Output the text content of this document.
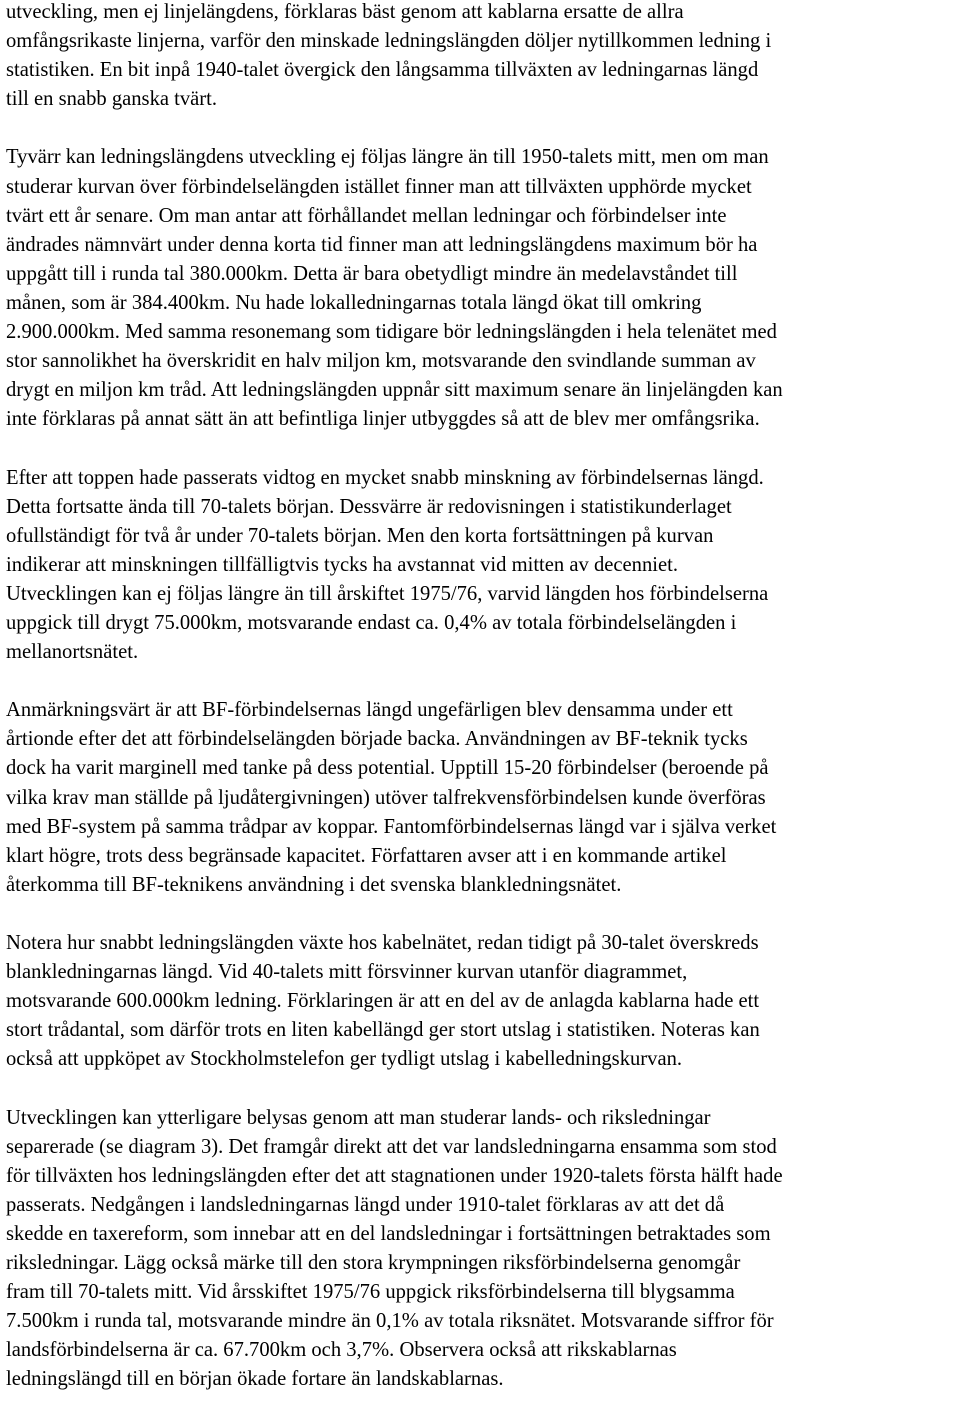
utveckling, men ej linjelängdens, förklaras bäst genom att kablarna ersatte de allra
omfångsrikaste linjerna, varför den minskade ledningslängden döljer nytillkommen ledning i
statistiken. En bit inpå 1940-talet övergick den långsamma tillväxten av ledningarnas längd
till en snabb ganska tvärt.
Tyvärr kan ledningslängdens utveckling ej följas längre än till 1950-talets mitt, men om man
studerar kurvan över förbindelselängden istället finner man att tillväxten upphörde mycket
tvärt ett år senare. Om man antar att förhållandet mellan ledningar och förbindelser inte
ändrades nämnvärt under denna korta tid finner man att ledningslängdens maximum bör ha
uppgått till i runda tal 380.000km. Detta är bara obetydligt mindre än medelavståndet till
månen, som är 384.400km. Nu hade lokalledningarnas totala längd ökat till omkring
2.900.000km. Med samma resonemang som tidigare bör ledningslängden i hela telenätet med
stor sannolikhet ha överskridit en halv miljon km, motsvarande den svindlande summan av
drygt en miljon km tråd. Att ledningslängden uppnår sitt maximum senare än linjelängden kan
inte förklaras på annat sätt än att befintliga linjer utbyggdes så att de blev mer omfångsrika.
Efter att toppen hade passerats vidtog en mycket snabb minskning av förbindelsernas längd.
Detta fortsatte ända till 70-talets början. Dessvärre är redovisningen i statistikunderlaget
ofullständigt för två år under 70-talets början. Men den korta fortsättningen på kurvan
indikerar att minskningen tillfälligtvis tycks ha avstannat vid mitten av decenniet.
Utvecklingen kan ej följas längre än till årskiftet 1975/76, varvid längden hos förbindelserna
uppgick till drygt 75.000km, motsvarande endast ca. 0,4% av totala förbindelselängden i
mellanortsnätet.
Anmärkningsvärt är att BF-förbindelsernas längd ungefärligen blev densamma under ett
årtionde efter det att förbindelselängden började backa. Användningen av BF-teknik tycks
dock ha varit marginell med tanke på dess potential. Upptill 15-20 förbindelser (beroende på
vilka krav man ställde på ljudåtergivningen) utöver talfrekvensförbindelsen kunde överföras
med BF-system på samma trådpar av koppar. Fantomförbindelsernas längd var i själva verket
klart högre, trots dess begränsade kapacitet. Författaren avser att i en kommande artikel
återkomma till BF-teknikens användning i det svenska blankledningsnätet.
Notera hur snabbt ledningslängden växte hos kabelnätet, redan tidigt på 30-talet överskreds
blankledningarnas längd. Vid 40-talets mitt försvinner kurvan utanför diagrammet,
motsvarande 600.000km ledning. Förklaringen är att en del av de anlagda kablarna hade ett
stort trådantal, som därför trots en liten kabellängd ger stort utslag i statistiken. Noteras kan
också att uppköpet av Stockholmstelefon ger tydligt utslag i kabelledningskurvan.
Utvecklingen kan ytterligare belysas genom att man studerar lands- och riksledningar
separerade (se diagram 3). Det framgår direkt att det var landsledningarna ensamma som stod
för tillväxten hos ledningslängden efter det att stagnationen under 1920-talets första hälft hade
passerats. Nedgången i landsledningarnas längd under 1910-talet förklaras av att det då
skedde en taxereform, som innebar att en del landsledningar i fortsättningen betraktades som
riksledningar. Lägg också märke till den stora krympningen riksförbindelserna genomgår
fram till 70-talets mitt. Vid årsskiftet 1975/76 uppgick riksförbindelserna till blygsamma
7.500km i runda tal, motsvarande mindre än 0,1% av totala riksnätet. Motsvarande siffror för
landsförbindelserna är ca. 67.700km och 3,7%. Observera också att rikskablarnas
ledningslängd till en början ökade fortare än landskablarnas.
